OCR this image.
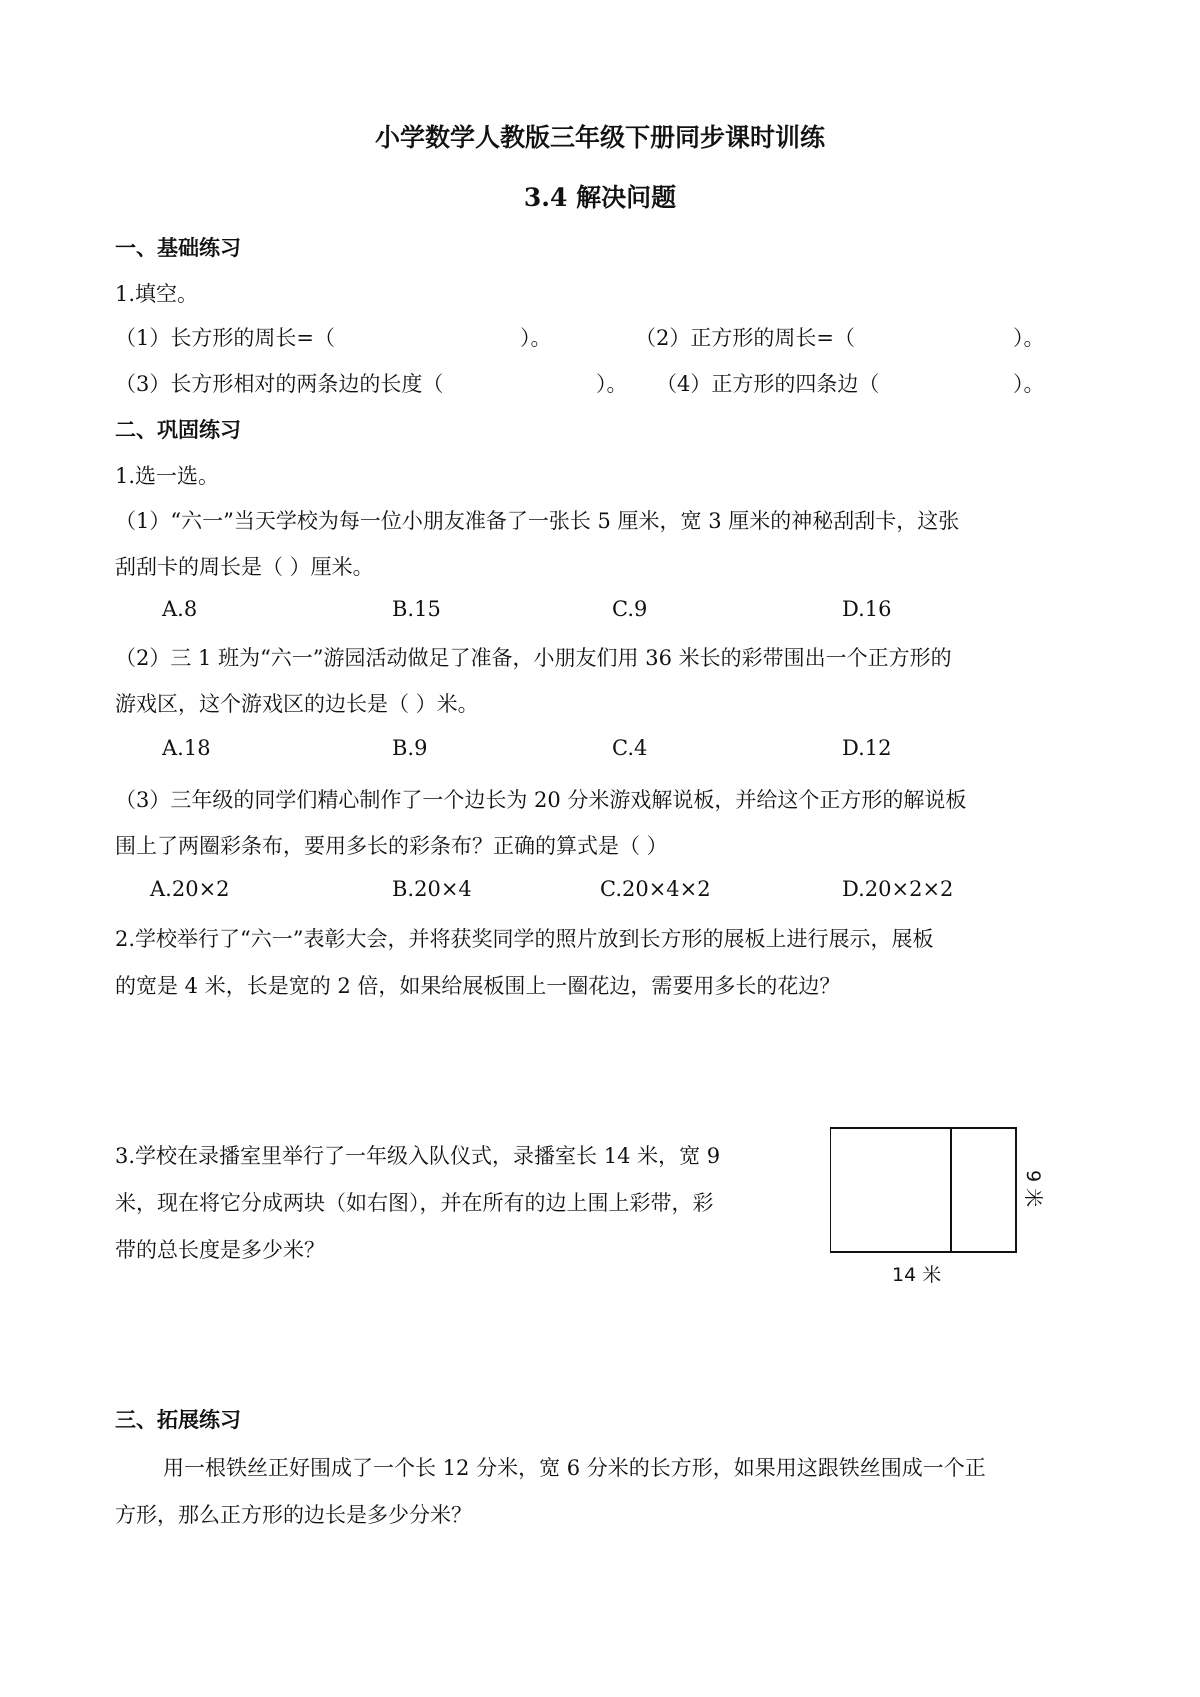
小学数学人教版三年级下册同步课时训练
3.4 解决问题
一、基础练习
1.填空。
（1）长方形的周长=（	）。	（2）正方形的周长=（	）。
（3）长方形相对的两条边的长度（	）。 （4）正方形的四条边（	）。
二、巩固练习
1.选一选。
（1）“六一”当天学校为每一位小朋友准备了一张长 5 厘米，宽 3 厘米的神秘刮刮卡，这张
刮刮卡的周长是（ ）厘米。
A.8	B.15	C.9	D.16
（2）三 1 班为“六一”游园活动做足了准备，小朋友们用 36 米长的彩带围出一个正方形的
游戏区，这个游戏区的边长是（ ）米。
A.18	B.9	C.4	D.12
（3）三年级的同学们精心制作了一个边长为 20 分米游戏解说板，并给这个正方形的解说板
围上了两圈彩条布，要用多长的彩条布？正确的算式是（ ）
A.20×2	B.20×4	C.20×4×2	D.20×2×2
2.学校举行了“六一”表彰大会，并将获奖同学的照片放到长方形的展板上进行展示，展板
的宽是 4 米，长是宽的 2 倍，如果给展板围上一圈花边，需要用多长的花边？
3.学校在录播室里举行了一年级入队仪式，录播室长 14 米，宽 9
米，现在将它分成两块（如右图），并在所有的边上围上彩带，彩
带的总长度是多少米？
14 米
9 米
三、拓展练习
用一根铁丝正好围成了一个长 12 分米，宽 6 分米的长方形，如果用这跟铁丝围成一个正
方形，那么正方形的边长是多少分米？
